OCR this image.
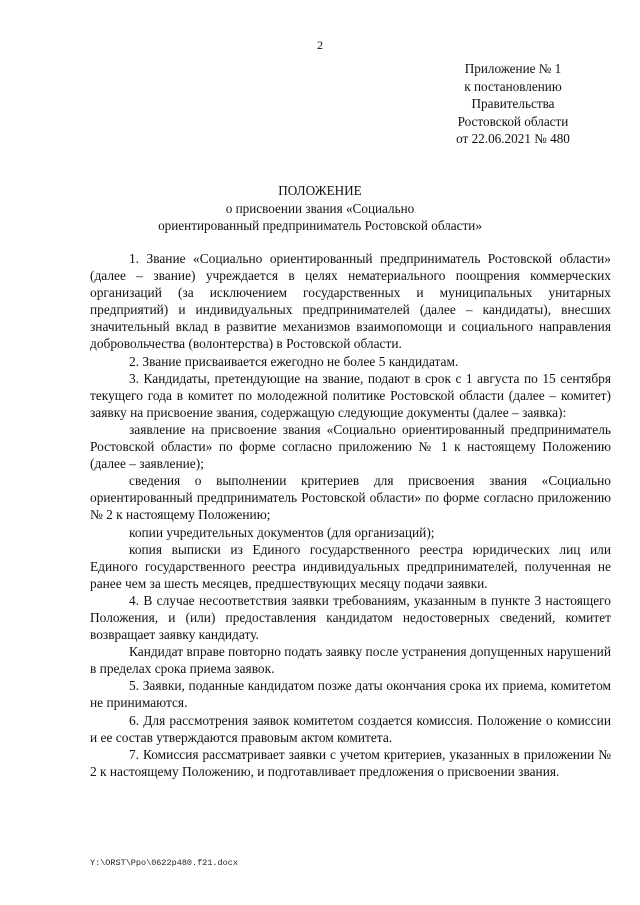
2
Приложение № 1
к постановлению
Правительства
Ростовской области
от 22.06.2021 № 480
ПОЛОЖЕНИЕ
о присвоении звания «Социально
ориентированный предприниматель Ростовской области»

1. Звание «Социально ориентированный предприниматель Ростовской области» (далее – звание) учреждается в целях нематериального поощрения коммерческих организаций (за исключением государственных и муниципальных унитарных предприятий) и индивидуальных предпринимателей (далее – кандидаты), внесших значительный вклад в развитие механизмов взаимопомощи и социального направления добровольчества (волонтерства) в Ростовской области.

2. Звание присваивается ежегодно не более 5 кандидатам.

3. Кандидаты, претендующие на звание, подают в срок с 1 августа по 15 сентября текущего года в комитет по молодежной политике Ростовской области (далее – комитет) заявку на присвоение звания, содержащую следующие документы (далее – заявка):

заявление на присвоение звания «Социально ориентированный предприниматель Ростовской области» по форме согласно приложению № 1 к настоящему Положению (далее – заявление);

сведения о выполнении критериев для присвоения звания «Социально ориентированный предприниматель Ростовской области» по форме согласно приложению № 2 к настоящему Положению;

копии учредительных документов (для организаций);

копия выписки из Единого государственного реестра юридических лиц или Единого государственного реестра индивидуальных предпринимателей, полученная не ранее чем за шесть месяцев, предшествующих месяцу подачи заявки.

4. В случае несоответствия заявки требованиям, указанным в пункте 3 настоящего Положения, и (или) предоставления кандидатом недостоверных сведений, комитет возвращает заявку кандидату.

Кандидат вправе повторно подать заявку после устранения допущенных нарушений в пределах срока приема заявок.

5. Заявки, поданные кандидатом позже даты окончания срока их приема, комитетом не принимаются.

6. Для рассмотрения заявок комитетом создается комиссия. Положение о комиссии и ее состав утверждаются правовым актом комитета.

7. Комиссия рассматривает заявки с учетом критериев, указанных в приложении № 2 к настоящему Положению, и подготавливает предложения о присвоении звания.

Y:\ORST\Ppo\0622p480.f21.docx
